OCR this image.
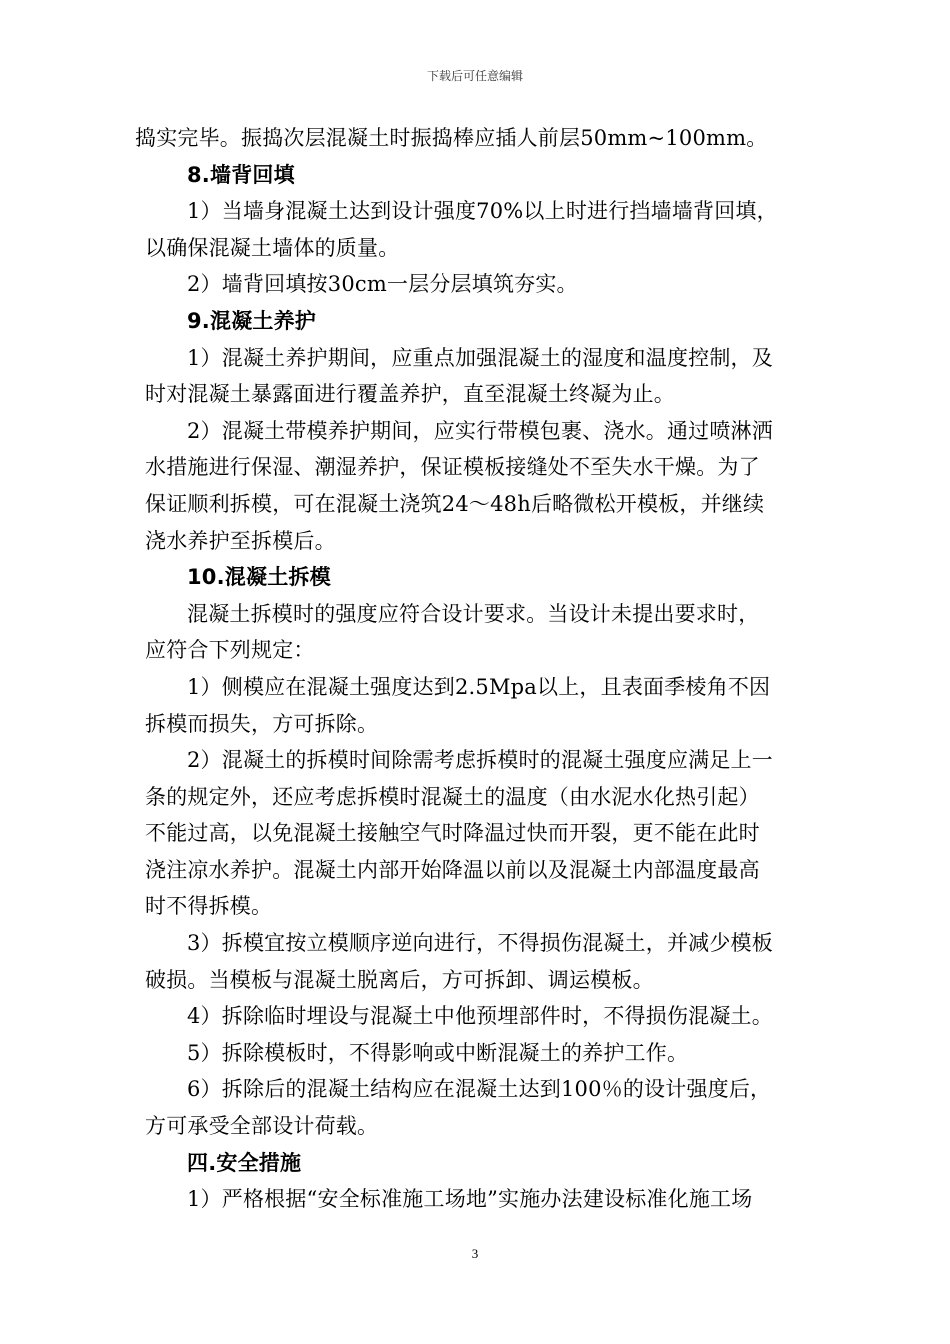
下载后可任意编辑
捣实完毕。振捣次层混凝土时振捣棒应插人前层50mm~100mm。
8.墙背回填
1）当墙身混凝土达到设计强度70%以上时进行挡墙墙背回填，
以确保混凝土墙体的质量。
2）墙背回填按30cm一层分层填筑夯实。
9.混凝土养护
1）混凝土养护期间，应重点加强混凝土的湿度和温度控制，及
时对混凝土暴露面进行覆盖养护，直至混凝土终凝为止。
2）混凝土带模养护期间，应实行带模包裹、浇水。通过喷淋洒
水措施进行保湿、潮湿养护，保证模板接缝处不至失水干燥。为了
保证顺利拆模，可在混凝土浇筑24～48h后略微松开模板，并继续
浇水养护至拆模后。
10.混凝土拆模
混凝土拆模时的强度应符合设计要求。当设计未提出要求时，
应符合下列规定：
1）侧模应在混凝土强度达到2.5Mpa以上，且表面季棱角不因
拆模而损失，方可拆除。
2）混凝土的拆模时间除需考虑拆模时的混凝土强度应满足上一
条的规定外，还应考虑拆模时混凝土的温度（由水泥水化热引起）
不能过高，以免混凝土接触空气时降温过快而开裂，更不能在此时
浇注凉水养护。混凝土内部开始降温以前以及混凝土内部温度最高
时不得拆模。
3）拆模宜按立模顺序逆向进行，不得损伤混凝土，并减少模板
破损。当模板与混凝土脱离后，方可拆卸、调运模板。
4）拆除临时埋设与混凝土中他预埋部件时，不得损伤混凝土。
5）拆除模板时，不得影响或中断混凝土的养护工作。
6）拆除后的混凝土结构应在混凝土达到100％的设计强度后，
方可承受全部设计荷载。
四.安全措施
1）严格根据“安全标准施工场地”实施办法建设标准化施工场
3
